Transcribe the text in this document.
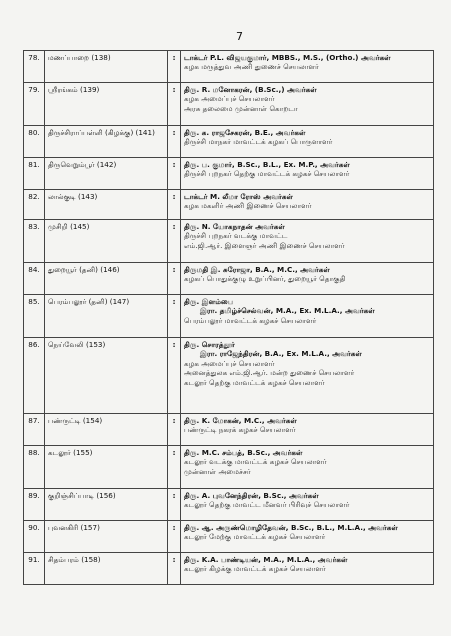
7
78.	மணப்பாறை (138)	:	டாக்டர் P.L. விஜயகுமார், MBBS., M.S., (Ortho.) அவர்கள்
கழக மருத்துவ அணி துணைச் செயலாளர்

79.	ஸ்ரீரங்கம் (139)	:	திரு. R. மனோகரன், (B.Sc.,) அவர்கள்
கழக அமைப்புச் செயலாளர்
அரசு தலைமை முன்னாள் கொறடா

80.	திருச்சிராப்பள்ளி (கிழக்கு) (141)	:	திரு. க. ராஜசேகரன், B.E., அவர்கள்
திருச்சி மாநகர் மாவட்டக் கழகப் பொருளாளர்

81.	திருவெறும்பூர் (142)	:	திரு. ப. குமார், B.Sc., B.L., Ex. M.P., அவர்கள்
திருச்சி புறநகர் தெற்கு மாவட்டக் கழகச் செயலாளர்

82.	லால்குடி (143)	:	டாக்டர் M. லீமா ரோஸ் அவர்கள்
கழக மகளிர் அணி இணைச் செயலாளர்

83.	முசிறி (145)	:	திரு. N. யோகநாதன் அவர்கள்
திருச்சி புறநகர் வடக்கு மாவட்ட
எம்.ஜி.ஆர். இளைஞர் அணி இணைச் செயலாளர்

84.	துறையூர் (தனி) (146)	:	திருமதி இ. சுரோஜா, B.A., M.C., அவர்கள்
கழகப் பொதுக்குழு உறுப்பினர், துறையூர் தொகுதி

85.	பெரம்பலூர் (தனி) (147)	:	திரு. இளம்பை
இரா. தமிழ்ச்செல்வன், M.A., Ex. M.L.A., அவர்கள்
பெரம்பலூர் மாவட்டக் கழகச் செயலாளர்

86.	நெய்வேலி (153)	:	திரு. சொரத்தூர்
இரா. ராஜேந்திரன், B.A., Ex. M.L.A., அவர்கள்
கழக அமைப்புச் செயலாளர்
அனைத்துலக எம்.ஜி.ஆர். மன்ற துணைச் செயலாளர்
கடலூர் தெற்கு மாவட்டக் கழகச் செயலாளர்

87.	பண்ருட்டி (154)	:	திரு. K. மோகன், M.C., அவர்கள்
பண்ருட்டி நகரக் கழகச் செயலாளர்

88.	கடலூர் (155)	:	திரு. M.C. சம்பத், B.Sc., அவர்கள்
கடலூர் வடக்கு மாவட்டக் கழகச் செயலாளர்
முன்னாள் அமைச்சர்

89.	குறிஞ்சிப்பாடி (156)	:	திரு. A. புவனேந்திரன், B.Sc., அவர்கள்
கடலூர் தெற்கு மாவட்ட மீனவர் பிரிவுச் செயலாளர்

90.	புவனகிரி (157)	:	திரு. ஆ. அருண்மொழிதேவன், B.Sc., B.L., M.L.A., அவர்கள்
கடலூர் மேற்கு மாவட்டக் கழகச் செயலாளர்

91.	சிதம்பரம் (158)	:	திரு. K.A. பாண்டியன், M.A., M.L.A., அவர்கள்
கடலூர் கிழக்கு மாவட்டக் கழகச் செயலாளர்
